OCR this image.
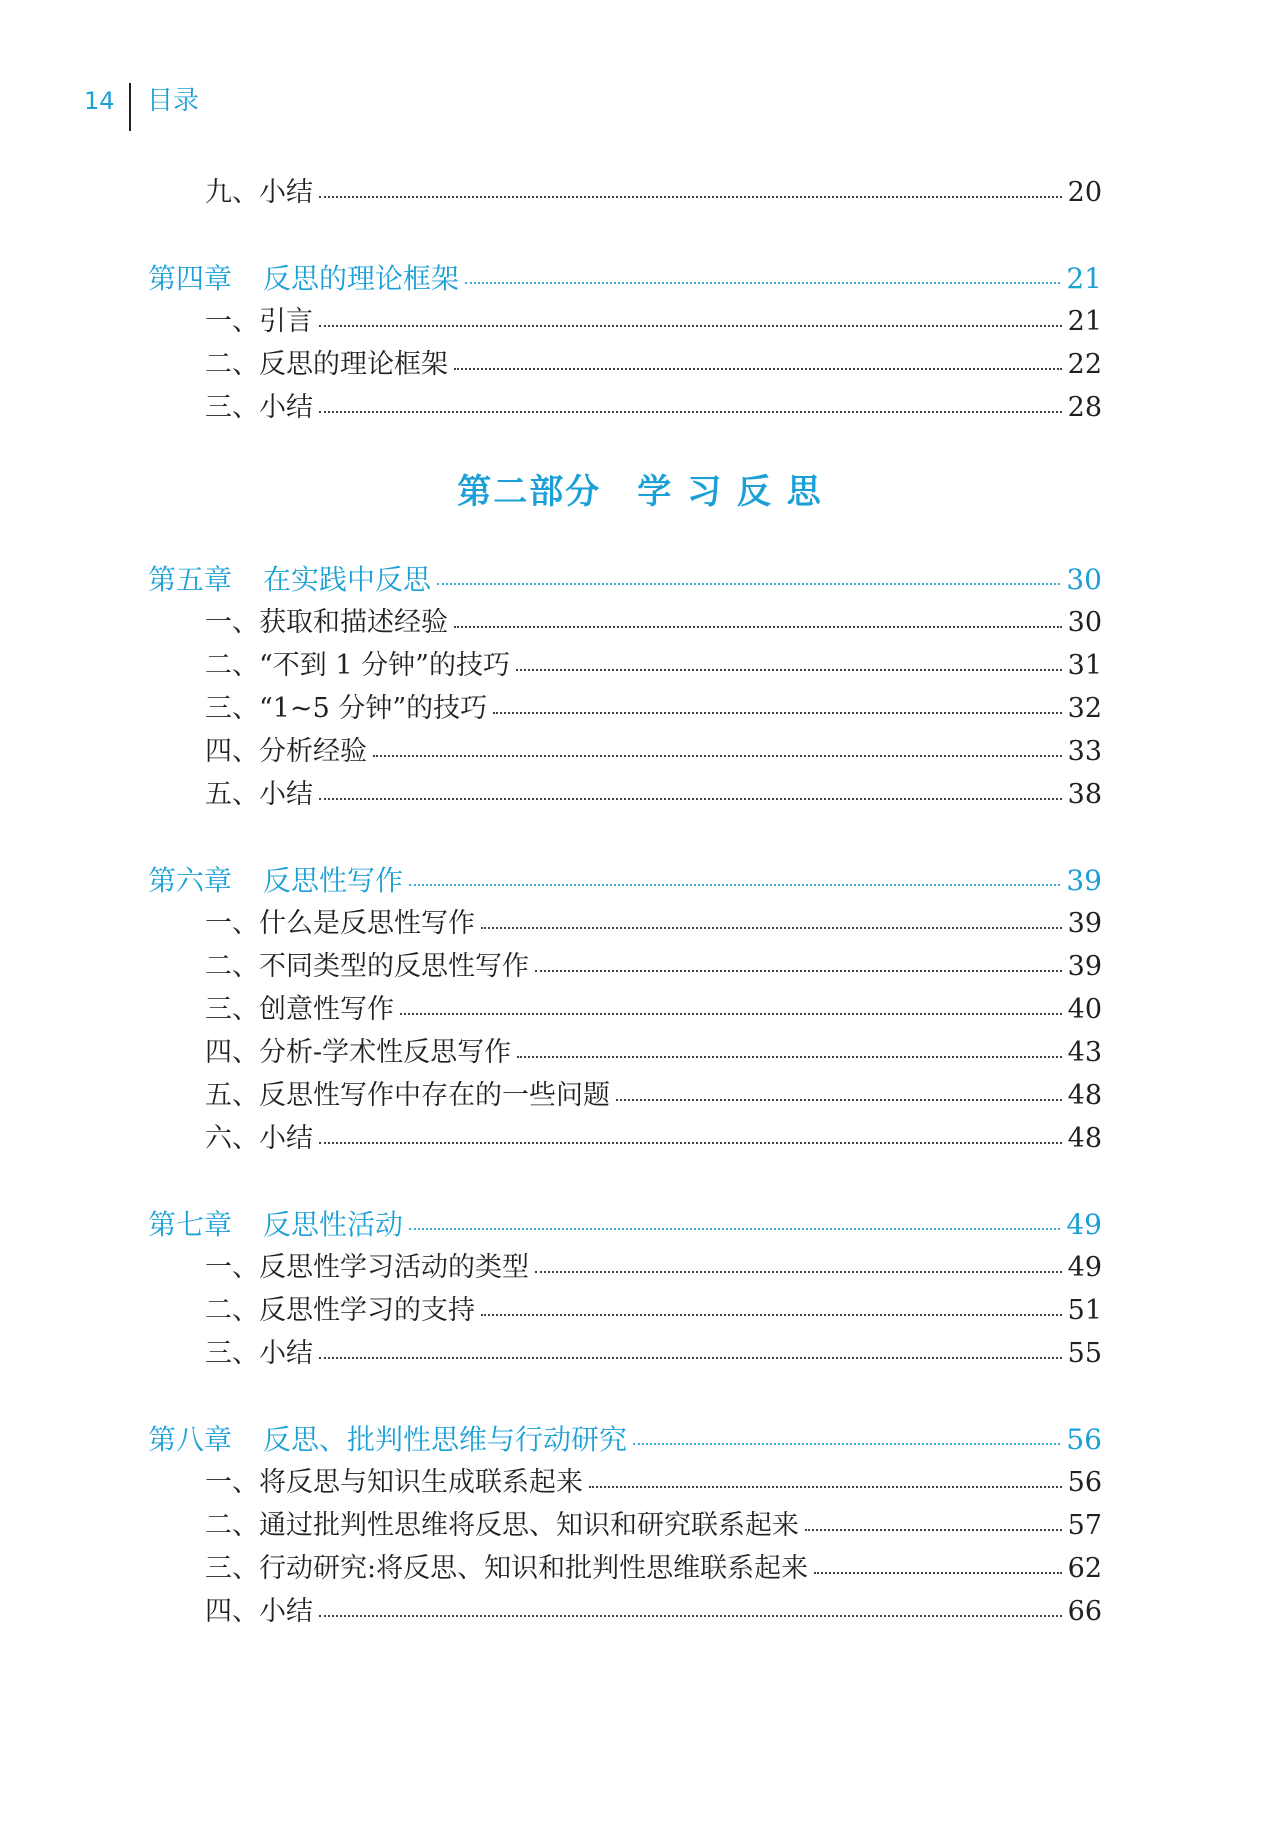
14 目录
九、小结	20
第四章 反思的理论框架	21
一、引言	21
二、反思的理论框架	22
三、小结	28
第二部分 学 习 反 思
第五章 在实践中反思	30
一、获取和描述经验	30
二、“不到 1 分钟”的技巧	31
三、“1~5 分钟”的技巧	32
四、分析经验	33
五、小结	38
第六章 反思性写作	39
一、什么是反思性写作	39
二、不同类型的反思性写作	39
三、创意性写作	40
四、分析-学术性反思写作	43
五、反思性写作中存在的一些问题	48
六、小结	48
第七章 反思性活动	49
一、反思性学习活动的类型	49
二、反思性学习的支持	51
三、小结	55
第八章 反思、批判性思维与行动研究	56
一、将反思与知识生成联系起来	56
二、通过批判性思维将反思、知识和研究联系起来	57
三、行动研究:将反思、知识和批判性思维联系起来	62
四、小结	66
